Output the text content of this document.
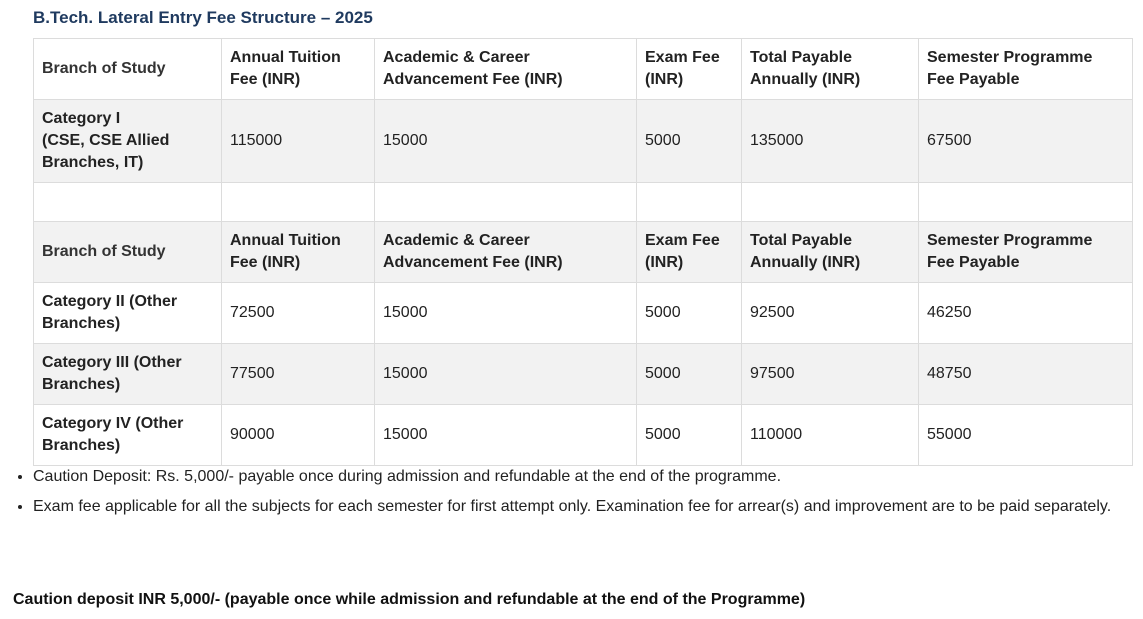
B.Tech. Lateral Entry Fee Structure – 2025
Branch of Study	Annual Tuition Fee (INR)	Academic & Career Advancement Fee (INR)	Exam Fee (INR)	Total Payable Annually (INR)	Semester Programme Fee Payable
Category I
(CSE, CSE Allied
Branches, IT)	115000	15000	5000	135000	67500

Branch of Study	Annual Tuition Fee (INR)	Academic & Career Advancement Fee (INR)	Exam Fee (INR)	Total Payable Annually (INR)	Semester Programme Fee Payable
Category II (Other
Branches)	72500	15000	5000	92500	46250
Category III (Other
Branches)	77500	15000	5000	97500	48750
Category IV (Other
Branches)	90000	15000	5000	110000	55000
• Caution Deposit: Rs. 5,000/- payable once during admission and refundable at the end of the programme.
• Exam fee applicable for all the subjects for each semester for first attempt only. Examination fee for arrear(s) and improvement are to be paid separately.

Caution deposit INR 5,000/- (payable once while admission and refundable at the end of the Programme)
